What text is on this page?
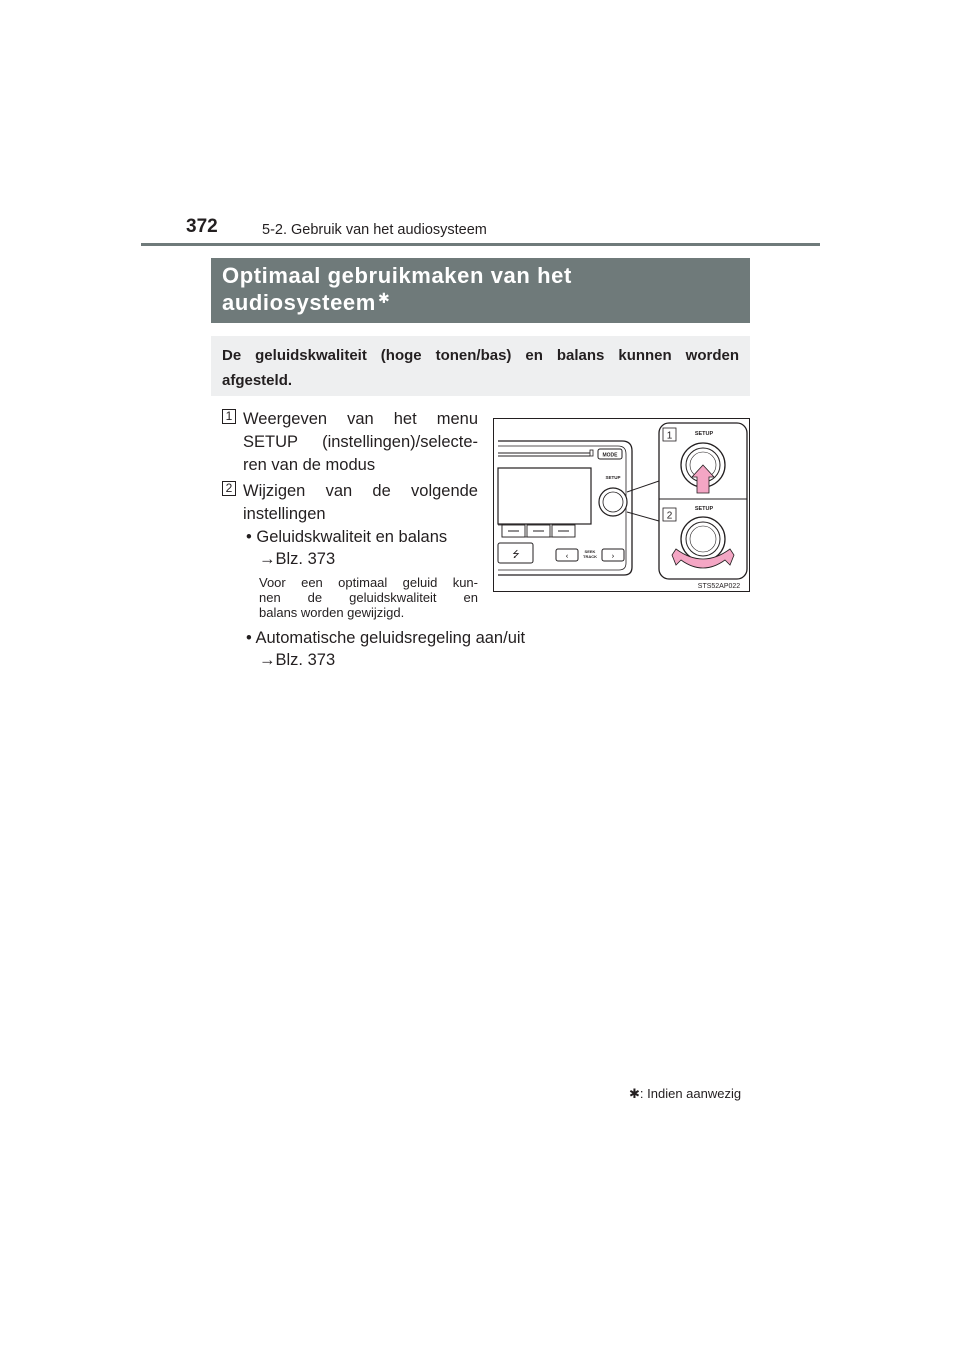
372	5-2. Gebruik van het audiosysteem
Optimaal gebruikmaken van het
audiosysteem ✱
De geluidskwaliteit (hoge tonen/bas) en balans kunnen worden afgesteld.
1 Weergeven van het menu
SETUP (instellingen)/selecte-
ren van de modus
2 Wijzigen van de volgende
instellingen
• Geluidskwaliteit en balans
→Blz. 373
Voor een optimaal geluid kun-
nen de geluidskwaliteit en
balans worden gewijzigd.
• Automatische geluidsregeling aan/uit
→Blz. 373
MODE
SETUP
⭍	‹	SEEK
TRACK ›
1	SETUP
2
SETUP
STS52AP022
✱: Indien aanwezig
